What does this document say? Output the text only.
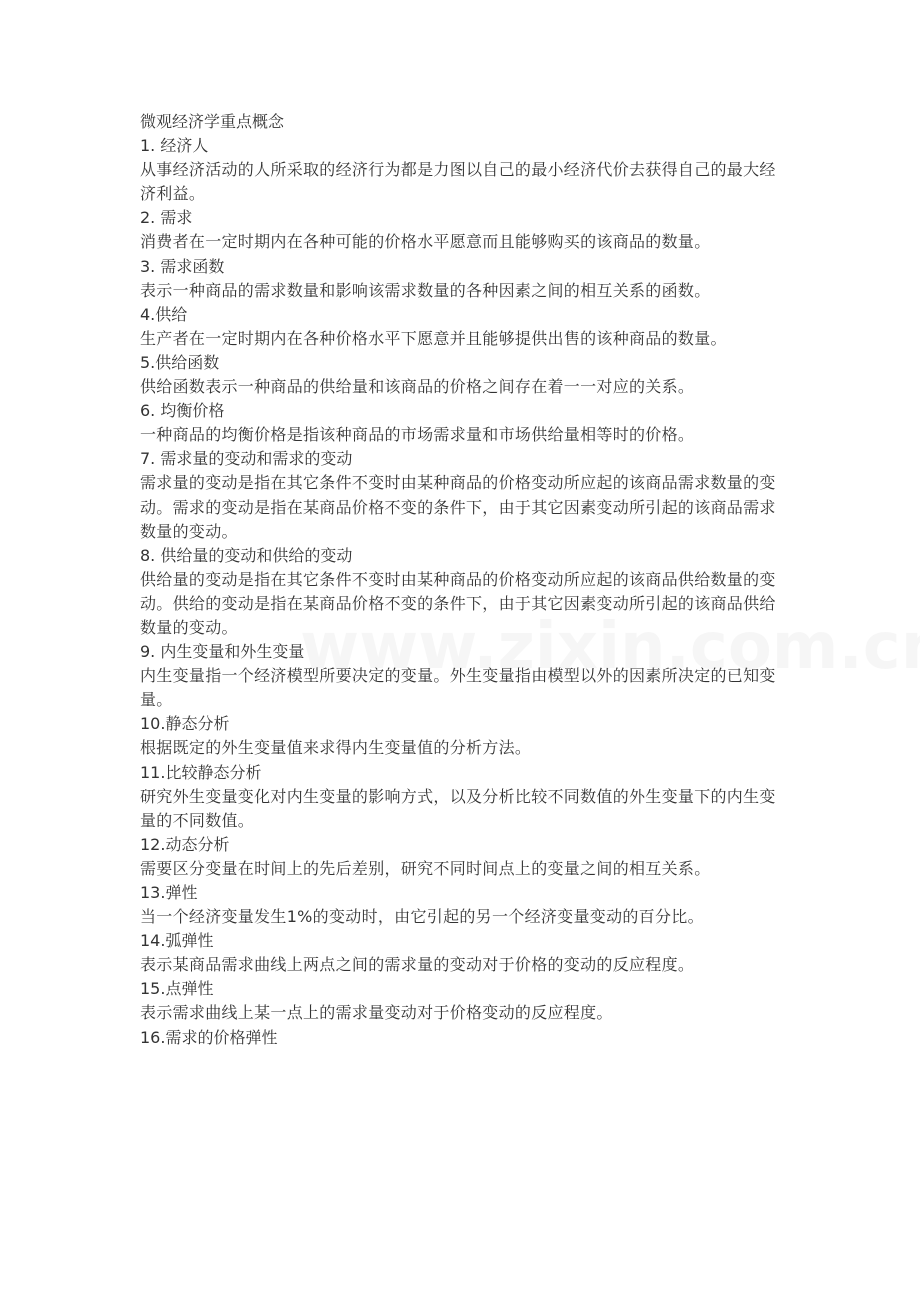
微观经济学重点概念

1. 经济人

从事经济活动的人所采取的经济行为都是力图以自己的最小经济代价去获得自己的最大经济利益。

2. 需求

消费者在一定时期内在各种可能的价格水平愿意而且能够购买的该商品的数量。

3. 需求函数

表示一种商品的需求数量和影响该需求数量的各种因素之间的相互关系的函数。

4.供给

生产者在一定时期内在各种价格水平下愿意并且能够提供出售的该种商品的数量。

5.供给函数

供给函数表示一种商品的供给量和该商品的价格之间存在着一一对应的关系。

6. 均衡价格

一种商品的均衡价格是指该种商品的市场需求量和市场供给量相等时的价格。

7. 需求量的变动和需求的变动

需求量的变动是指在其它条件不变时由某种商品的价格变动所应起的该商品需求数量的变动。需求的变动是指在某商品价格不变的条件下，由于其它因素变动所引起的该商品需求数量的变动。

8. 供给量的变动和供给的变动

供给量的变动是指在其它条件不变时由某种商品的价格变动所应起的该商品供给数量的变动。供给的变动是指在某商品价格不变的条件下，由于其它因素变动所引起的该商品供给数量的变动。

9. 内生变量和外生变量

内生变量指一个经济模型所要决定的变量。外生变量指由模型以外的因素所决定的已知变量。

10.静态分析

根据既定的外生变量值来求得内生变量值的分析方法。

11.比较静态分析

研究外生变量变化对内生变量的影响方式，以及分析比较不同数值的外生变量下的内生变量的不同数值。

12.动态分析

需要区分变量在时间上的先后差别，研究不同时间点上的变量之间的相互关系。

13.弹性

当一个经济变量发生1%的变动时，由它引起的另一个经济变量变动的百分比。

14.弧弹性

表示某商品需求曲线上两点之间的需求量的变动对于价格的变动的反应程度。

15.点弹性

表示需求曲线上某一点上的需求量变动对于价格变动的反应程度。

16.需求的价格弹性
